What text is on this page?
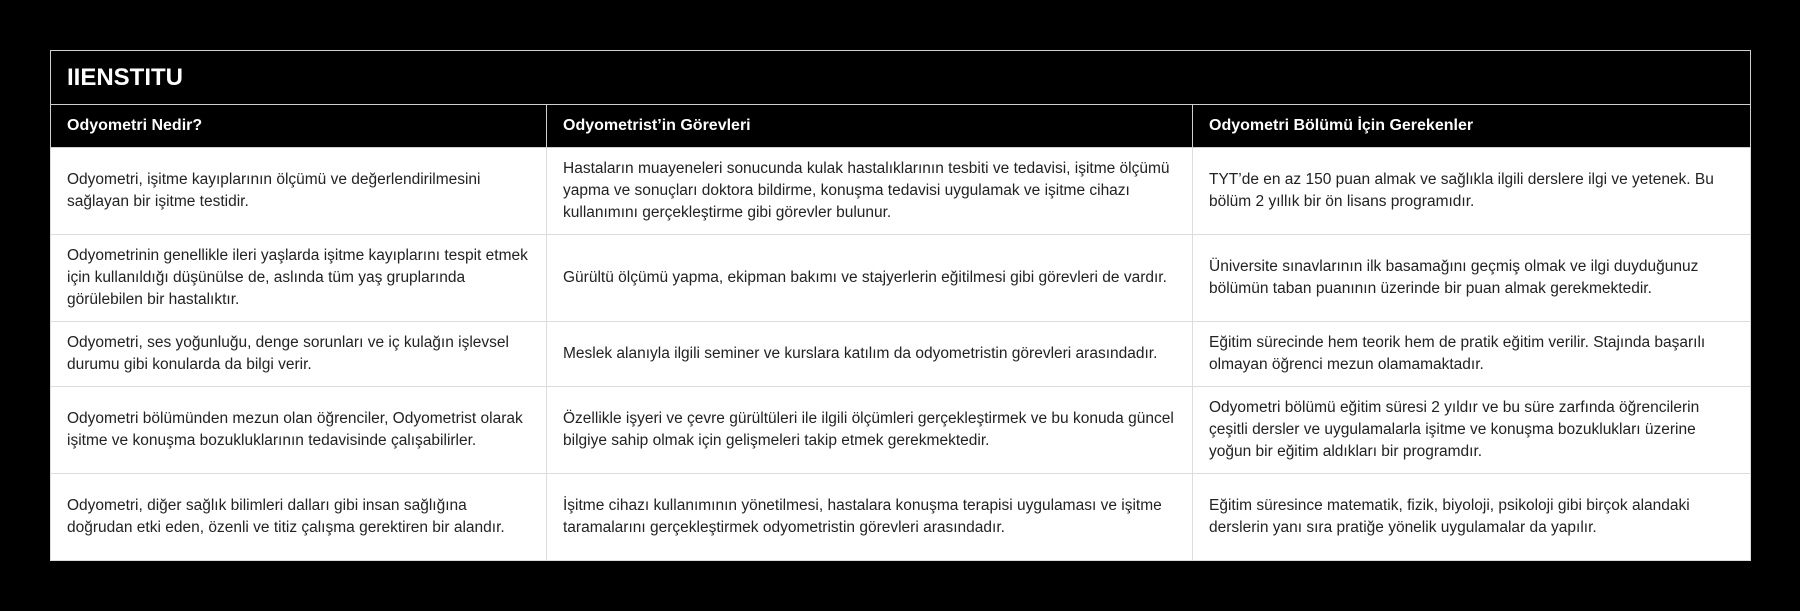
IIENSTITU
Odyometri Nedir?	Odyometrist’in Görevleri	Odyometri Bölümü İçin Gerekenler
Odyometri, işitme kayıplarının ölçümü ve değerlendirilmesini sağlayan bir işitme testidir.	Hastaların muayeneleri sonucunda kulak hastalıklarının tesbiti ve tedavisi, işitme ölçümü yapma ve sonuçları doktora bildirme, konuşma tedavisi uygulamak ve işitme cihazı kullanımını gerçekleştirme gibi görevler bulunur.	TYT’de en az 150 puan almak ve sağlıkla ilgili derslere ilgi ve yetenek. Bu bölüm 2 yıllık bir ön lisans programıdır.
Odyometrinin genellikle ileri yaşlarda işitme kayıplarını tespit etmek için kullanıldığı düşünülse de, aslında tüm yaş gruplarında görülebilen bir hastalıktır.	Gürültü ölçümü yapma, ekipman bakımı ve stajyerlerin eğitilmesi gibi görevleri de vardır.	Üniversite sınavlarının ilk basamağını geçmiş olmak ve ilgi duyduğunuz bölümün taban puanının üzerinde bir puan almak gerekmektedir.
Odyometri, ses yoğunluğu, denge sorunları ve iç kulağın işlevsel durumu gibi konularda da bilgi verir.	Meslek alanıyla ilgili seminer ve kurslara katılım da odyometristin görevleri arasındadır.	Eğitim sürecinde hem teorik hem de pratik eğitim verilir. Stajında başarılı olmayan öğrenci mezun olamamaktadır.
Odyometri bölümünden mezun olan öğrenciler, Odyometrist olarak işitme ve konuşma bozukluklarının tedavisinde çalışabilirler.	Özellikle işyeri ve çevre gürültüleri ile ilgili ölçümleri gerçekleştirmek ve bu konuda güncel bilgiye sahip olmak için gelişmeleri takip etmek gerekmektedir.	Odyometri bölümü eğitim süresi 2 yıldır ve bu süre zarfında öğrencilerin çeşitli dersler ve uygulamalarla işitme ve konuşma bozuklukları üzerine yoğun bir eğitim aldıkları bir programdır.
Odyometri, diğer sağlık bilimleri dalları gibi insan sağlığına doğrudan etki eden, özenli ve titiz çalışma gerektiren bir alandır.	İşitme cihazı kullanımının yönetilmesi, hastalara konuşma terapisi uygulaması ve işitme taramalarını gerçekleştirmek odyometristin görevleri arasındadır.	Eğitim süresince matematik, fizik, biyoloji, psikoloji gibi birçok alandaki derslerin yanı sıra pratiğe yönelik uygulamalar da yapılır.
